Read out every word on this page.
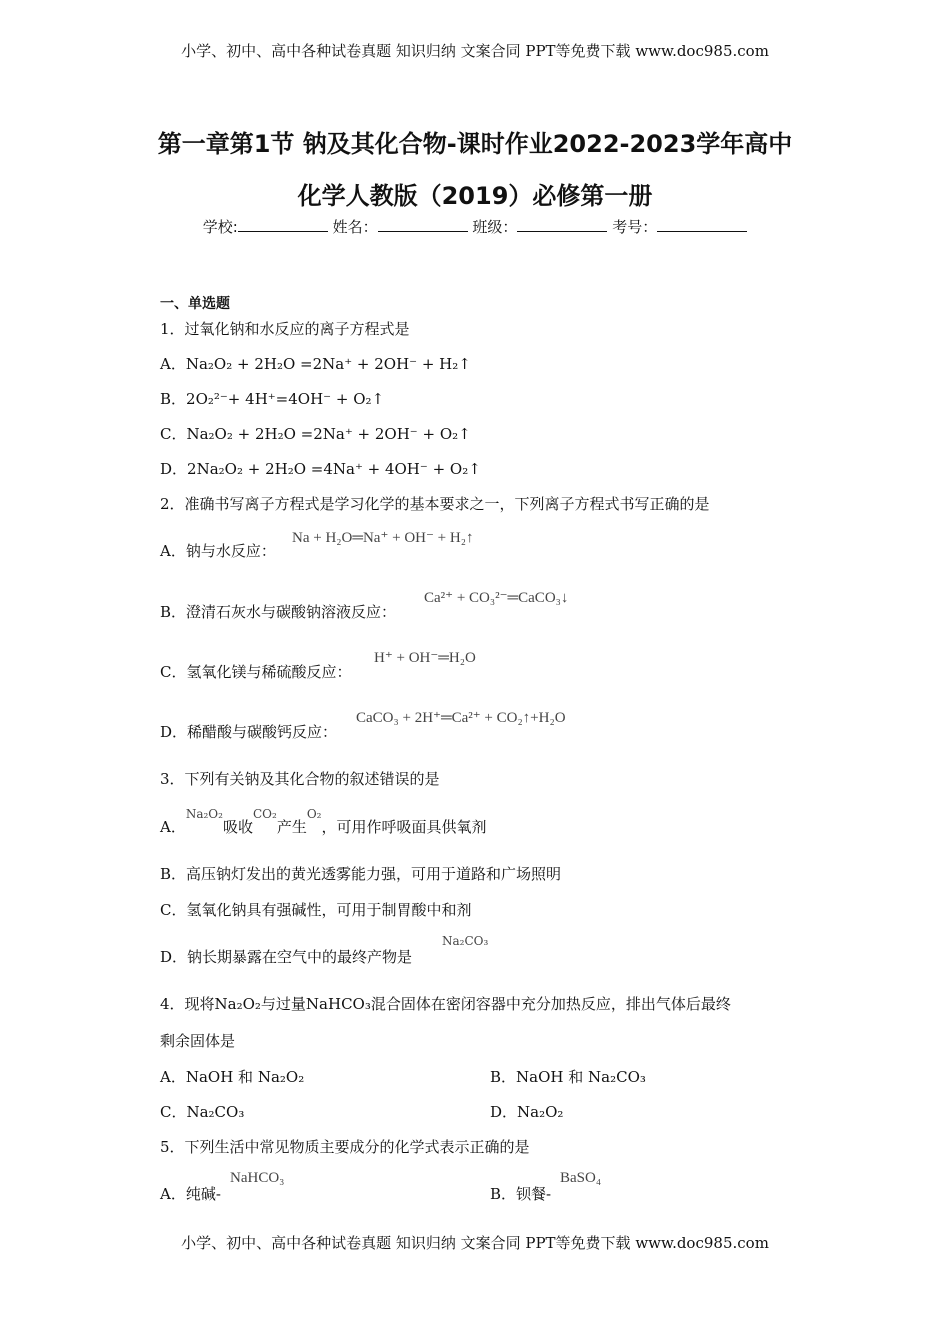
小学、初中、高中各种试卷真题 知识归纳 文案合同 PPT等免费下载 www.doc985.com
第一章第1节 钠及其化合物-课时作业2022-2023学年高中
化学人教版（2019）必修第一册
学校:	姓名：	班级：	考号：
一、单选题
1．过氧化钠和水反应的离子方程式是
A．Na₂O₂ + 2H₂O =2Na⁺ + 2OH⁻ + H₂↑
B．2O₂²⁻+ 4H⁺=4OH⁻ + O₂↑
C．Na₂O₂ + 2H₂O =2Na⁺ + 2OH⁻ + O₂↑
D．2Na₂O₂ + 2H₂O =4Na⁺ + 4OH⁻ + O₂↑
2．准确书写离子方程式是学习化学的基本要求之一，下列离子方程式书写正确的是
A．钠与水反应：
Na + H₂O═Na⁺ + OH⁻ + H₂↑
B．澄清石灰水与碳酸钠溶液反应：
Ca²⁺ + CO₃²⁻═CaCO₃↓
C．氢氧化镁与稀硫酸反应：
H⁺ + OH⁻═H₂O
D．稀醋酸与碳酸钙反应：
CaCO₃ + 2H⁺═Ca²⁺ + CO₂↑+H₂O
3．下列有关钠及其化合物的叙述错误的是
A．$^{Na_2O_2}$吸收$^{CO_2}$产生$^{O_2}$，可用作呼吸面具供氧剂
B．高压钠灯发出的黄光透雾能力强，可用于道路和广场照明
C．氢氧化钠具有强碱性，可用于制胃酸中和剂
D．钠长期暴露在空气中的最终产物是
Na₂CO₃
4．现将Na₂O₂与过量NaHCO₃混合固体在密闭容器中充分加热反应，排出气体后最终
剩余固体是
A．NaOH 和 Na₂O₂	B．NaOH 和 Na₂CO₃
C．Na₂CO₃	D．Na₂O₂
5．下列生活中常见物质主要成分的化学式表示正确的是
A．纯碱-
NaHCO₃
B．钡餐-
BaSO₄
小学、初中、高中各种试卷真题 知识归纳 文案合同 PPT等免费下载 www.doc985.com
